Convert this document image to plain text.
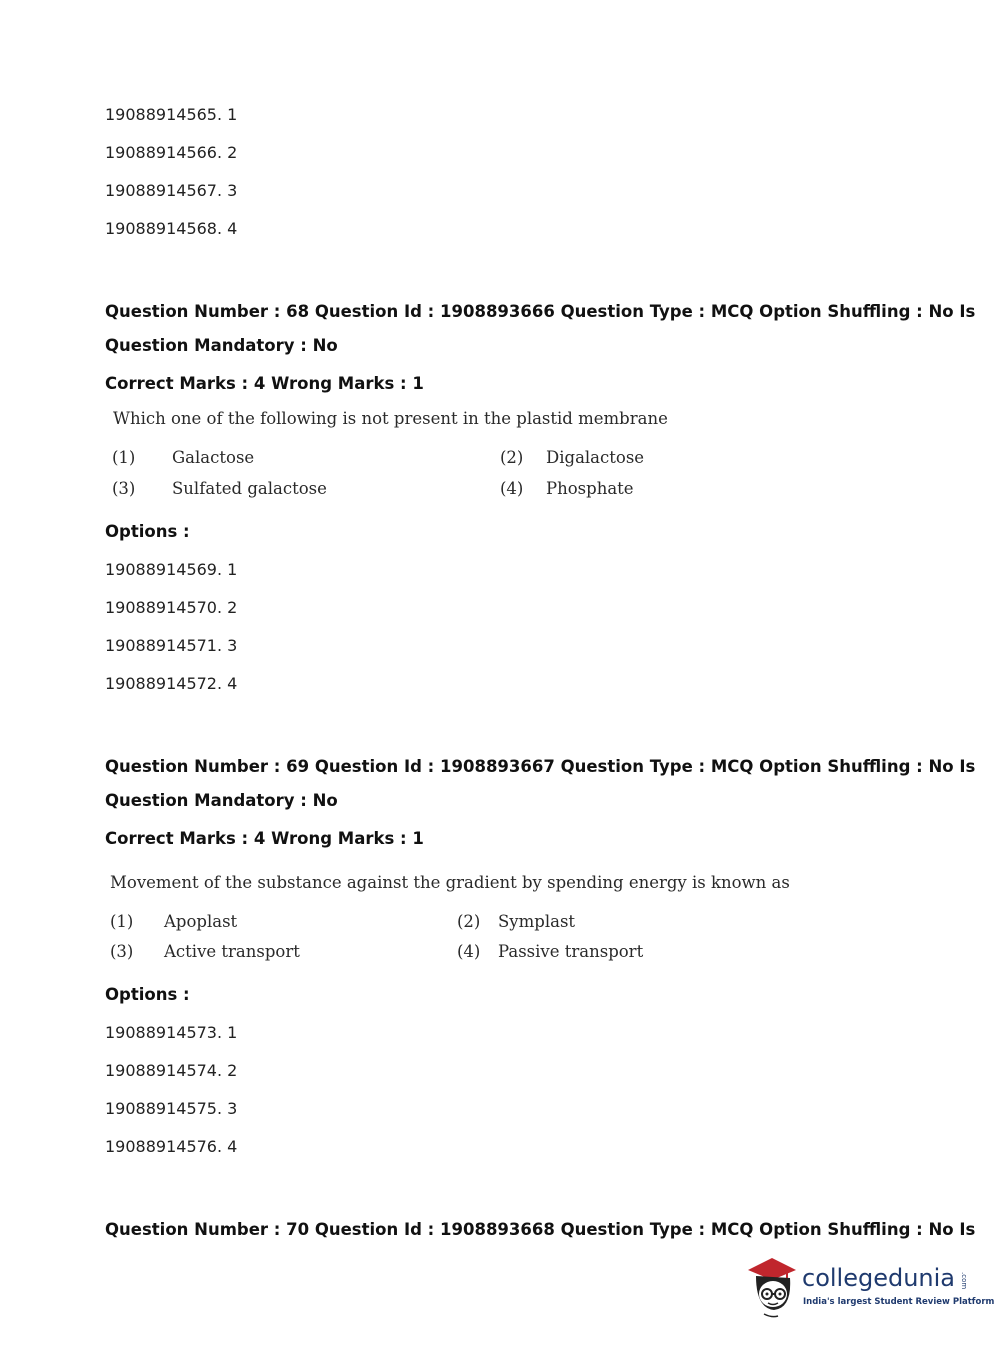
19088914565. 1
19088914566. 2
19088914567. 3
19088914568. 4
Question Number : 68 Question Id : 1908893666 Question Type : MCQ Option Shuffling : No Is
Question Mandatory : No
Correct Marks : 4 Wrong Marks : 1
Which one of the following is not present in the plastid membrane
(1) Galactose	(2) Digalactose
(3) Sulfated galactose	(4) Phosphate
Options :
19088914569. 1
19088914570. 2
19088914571. 3
19088914572. 4
Question Number : 69 Question Id : 1908893667 Question Type : MCQ Option Shuffling : No Is
Question Mandatory : No
Correct Marks : 4 Wrong Marks : 1
Movement of the substance against the gradient by spending energy is known as
(1) Apoplast	(2) Symplast
(3) Active transport	(4) Passive transport
Options :
19088914573. 1
19088914574. 2
19088914575. 3
19088914576. 4
Question Number : 70 Question Id : 1908893668 Question Type : MCQ Option Shuffling : No Is
collegedunia .com
India's largest Student Review Platform
